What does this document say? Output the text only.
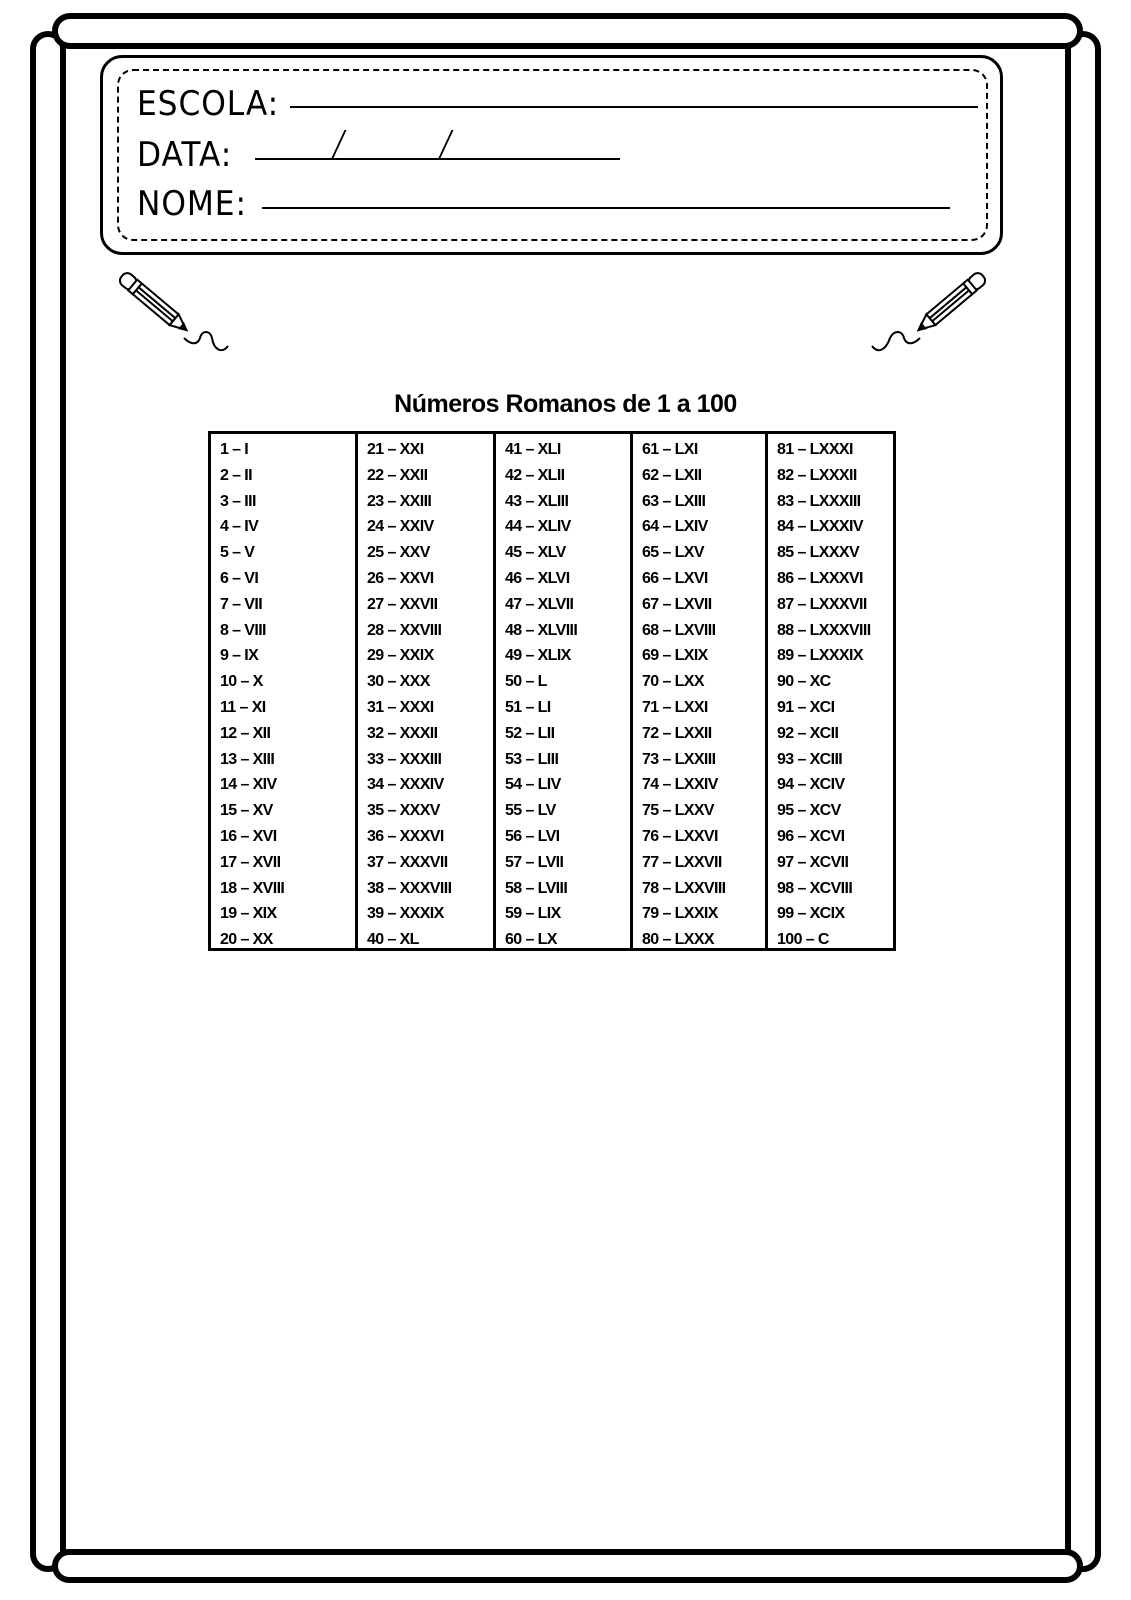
ESCOLA:
DATA:
NOME:
Números Romanos de 1 a 100
1 – I
2 – II
3 – III
4 – IV
5 – V
6 – VI
7 – VII
8 – VIII
9 – IX
10 – X
11 – XI
12 – XII
13 – XIII
14 – XIV
15 – XV
16 – XVI
17 – XVII
18 – XVIII
19 – XIX
20 – XX
21 – XXI
22 – XXII
23 – XXIII
24 – XXIV
25 – XXV
26 – XXVI
27 – XXVII
28 – XXVIII
29 – XXIX
30 – XXX
31 – XXXI
32 – XXXII
33 – XXXIII
34 – XXXIV
35 – XXXV
36 – XXXVI
37 – XXXVII
38 – XXXVIII
39 – XXXIX
40 – XL
41 – XLI
42 – XLII
43 – XLIII
44 – XLIV
45 – XLV
46 – XLVI
47 – XLVII
48 – XLVIII
49 – XLIX
50 – L
51 – LI
52 – LII
53 – LIII
54 – LIV
55 – LV
56 – LVI
57 – LVII
58 – LVIII
59 – LIX
60 – LX
61 – LXI
62 – LXII
63 – LXIII
64 – LXIV
65 – LXV
66 – LXVI
67 – LXVII
68 – LXVIII
69 – LXIX
70 – LXX
71 – LXXI
72 – LXXII
73 – LXXIII
74 – LXXIV
75 – LXXV
76 – LXXVI
77 – LXXVII
78 – LXXVIII
79 – LXXIX
80 – LXXX
81 – LXXXI
82 – LXXXII
83 – LXXXIII
84 – LXXXIV
85 – LXXXV
86 – LXXXVI
87 – LXXXVII
88 – LXXXVIII
89 – LXXXIX
90 – XC
91 – XCI
92 – XCII
93 – XCIII
94 – XCIV
95 – XCV
96 – XCVI
97 – XCVII
98 – XCVIII
99 – XCIX
100 – C
